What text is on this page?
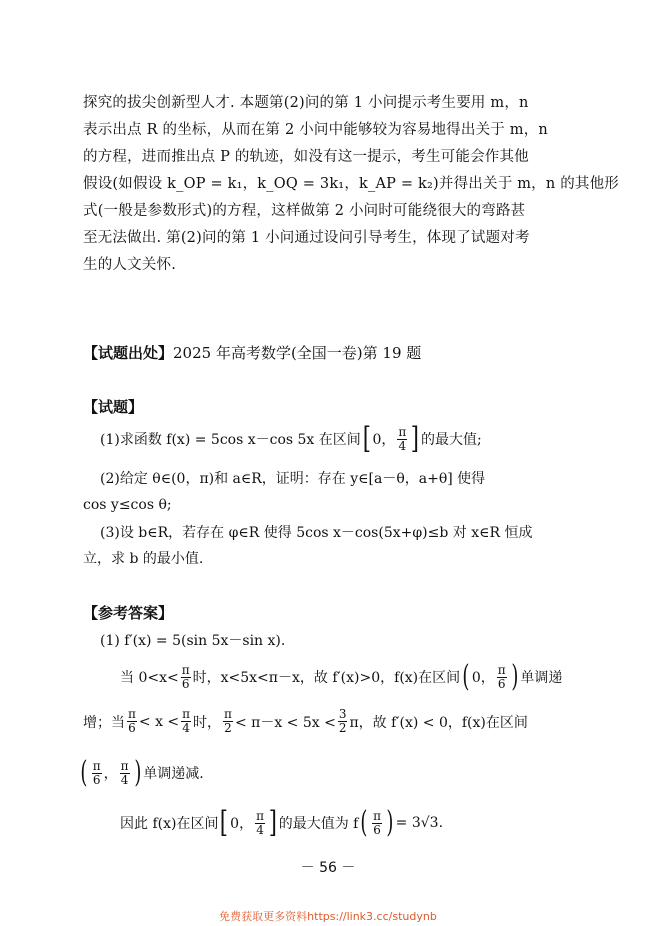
探究的拔尖创新型人才. 本题第(2)问的第 1 小问提示考生要用 m，n
表示出点 R 的坐标，从而在第 2 小问中能够较为容易地得出关于 m，n
的方程，进而推出点 P 的轨迹，如没有这一提示，考生可能会作其他
假设(如假设 k_OP = k₁，k_OQ = 3k₁，k_AP = k₂)并得出关于 m，n 的其他形
式(一般是参数形式)的方程，这样做第 2 小问时可能绕很大的弯路甚
至无法做出. 第(2)问的第 1 小问通过设问引导考生，体现了试题对考
生的人文关怀.
【试题出处】2025 年高考数学(全国一卷)第 19 题
【试题】
(1)求函数 f(x) = 5cos x－cos 5x 在区间 [ 0， $\frac{\pi}{4}$ ] 的最大值;
(2)给定 θ∈(0，π)和 a∈R，证明：存在 y∈[a－θ，a+θ] 使得
cos y≤cos θ;
(3)设 b∈R，若存在 φ∈R 使得 5cos x－cos(5x+φ)≤b 对 x∈R 恒成
立，求 b 的最小值.
【参考答案】
(1) f′(x) = 5(sin 5x－sin x).
当 $0<x< \frac{\pi}{6}$ 时，x<5x<π－x，故 f′(x)>0，f(x)在区间 ( 0， $\frac{\pi}{6}$ ) 单调递
增；当 $\frac{\pi}{6} < x < \frac{\pi}{4}$ 时， $\frac{\pi}{2} < \pi-x < 5x < \frac{3}{2}$ π，故 f′(x) < 0，f(x)在区间
( $\frac{\pi}{6}$ ， $\frac{\pi}{4}$ ) 单调递减.
因此 f(x)在区间 [ 0， $\frac{\pi}{4}$ ] 的最大值为 f ( $\frac{\pi}{6}$ ) = 3√3.
－ 56 －
免费获取更多资料https://link3.cc/studynb
